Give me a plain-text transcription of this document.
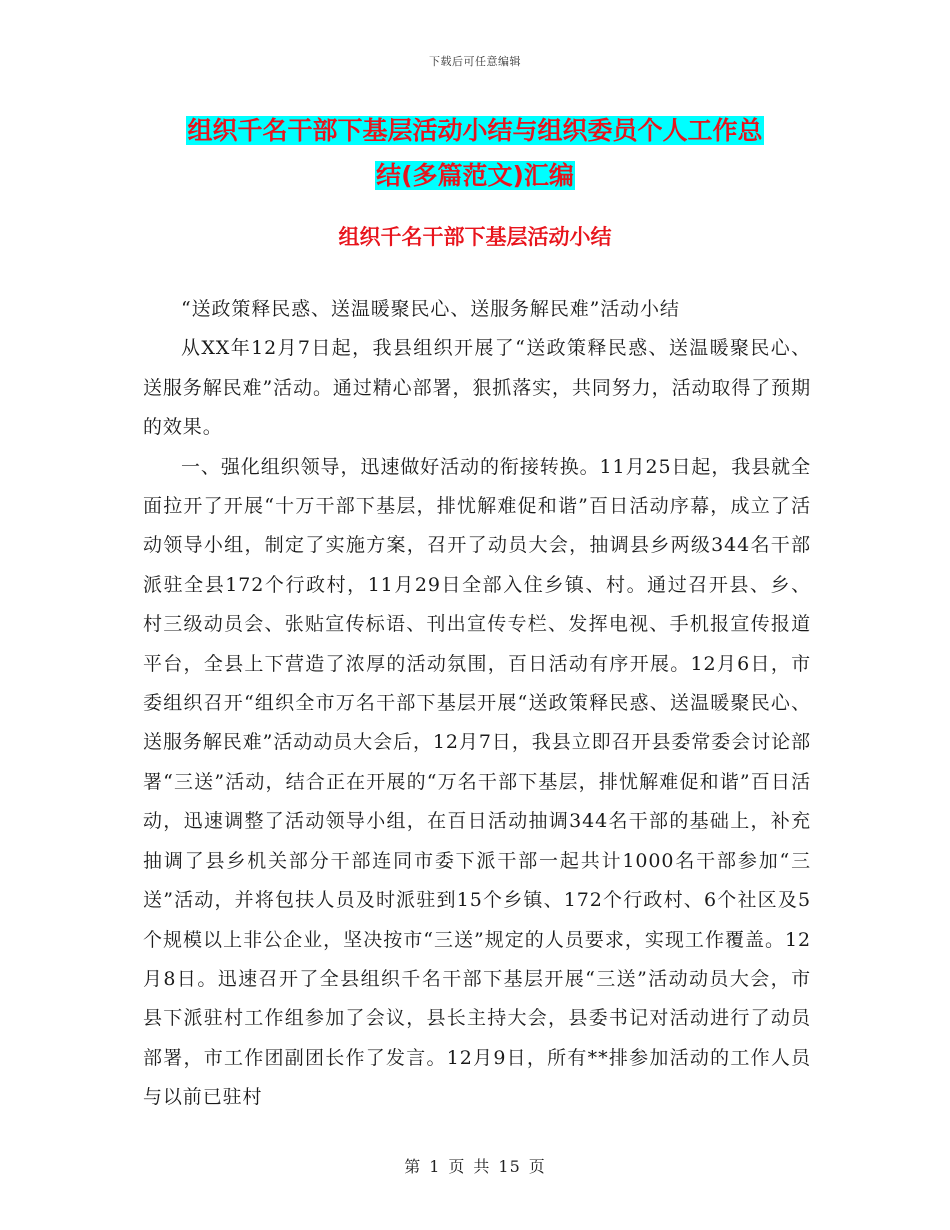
下载后可任意编辑
组织千名干部下基层活动小结与组织委员个人工作总
结(多篇范文)汇编
组织千名干部下基层活动小结

“送政策释民惑、送温暖聚民心、送服务解民难”活动小结

从XX年12月7日起，我县组织开展了“送政策释民惑、送温暖聚民心、送服务解民难”活动。通过精心部署，狠抓落实，共同努力，活动取得了预期的效果。

一、强化组织领导，迅速做好活动的衔接转换。11月25日起，我县就全面拉开了开展“十万干部下基层，排忧解难促和谐”百日活动序幕，成立了活动领导小组，制定了实施方案，召开了动员大会，抽调县乡两级344名干部派驻全县172个行政村，11月29日全部入住乡镇、村。通过召开县、乡、村三级动员会、张贴宣传标语、刊出宣传专栏、发挥电视、手机报宣传报道平台，全县上下营造了浓厚的活动氛围，百日活动有序开展。12月6日，市委组织召开“组织全市万名干部下基层开展“送政策释民惑、送温暖聚民心、送服务解民难”活动动员大会后，12月7日，我县立即召开县委常委会讨论部署“三送”活动，结合正在开展的“万名干部下基层，排忧解难促和谐”百日活动，迅速调整了活动领导小组，在百日活动抽调344名干部的基础上，补充抽调了县乡机关部分干部连同市委下派干部一起共计1000名干部参加“三送”活动，并将包扶人员及时派驻到15个乡镇、172个行政村、6个社区及5个规模以上非公企业，坚决按市“三送”规定的人员要求，实现工作覆盖。12月8日。迅速召开了全县组织千名干部下基层开展“三送”活动动员大会，市县下派驻村工作组参加了会议，县长主持大会，县委书记对活动进行了动员部署，市工作团副团长作了发言。12月9日，所有**排参加活动的工作人员与以前已驻村

第 1 页 共 15 页
